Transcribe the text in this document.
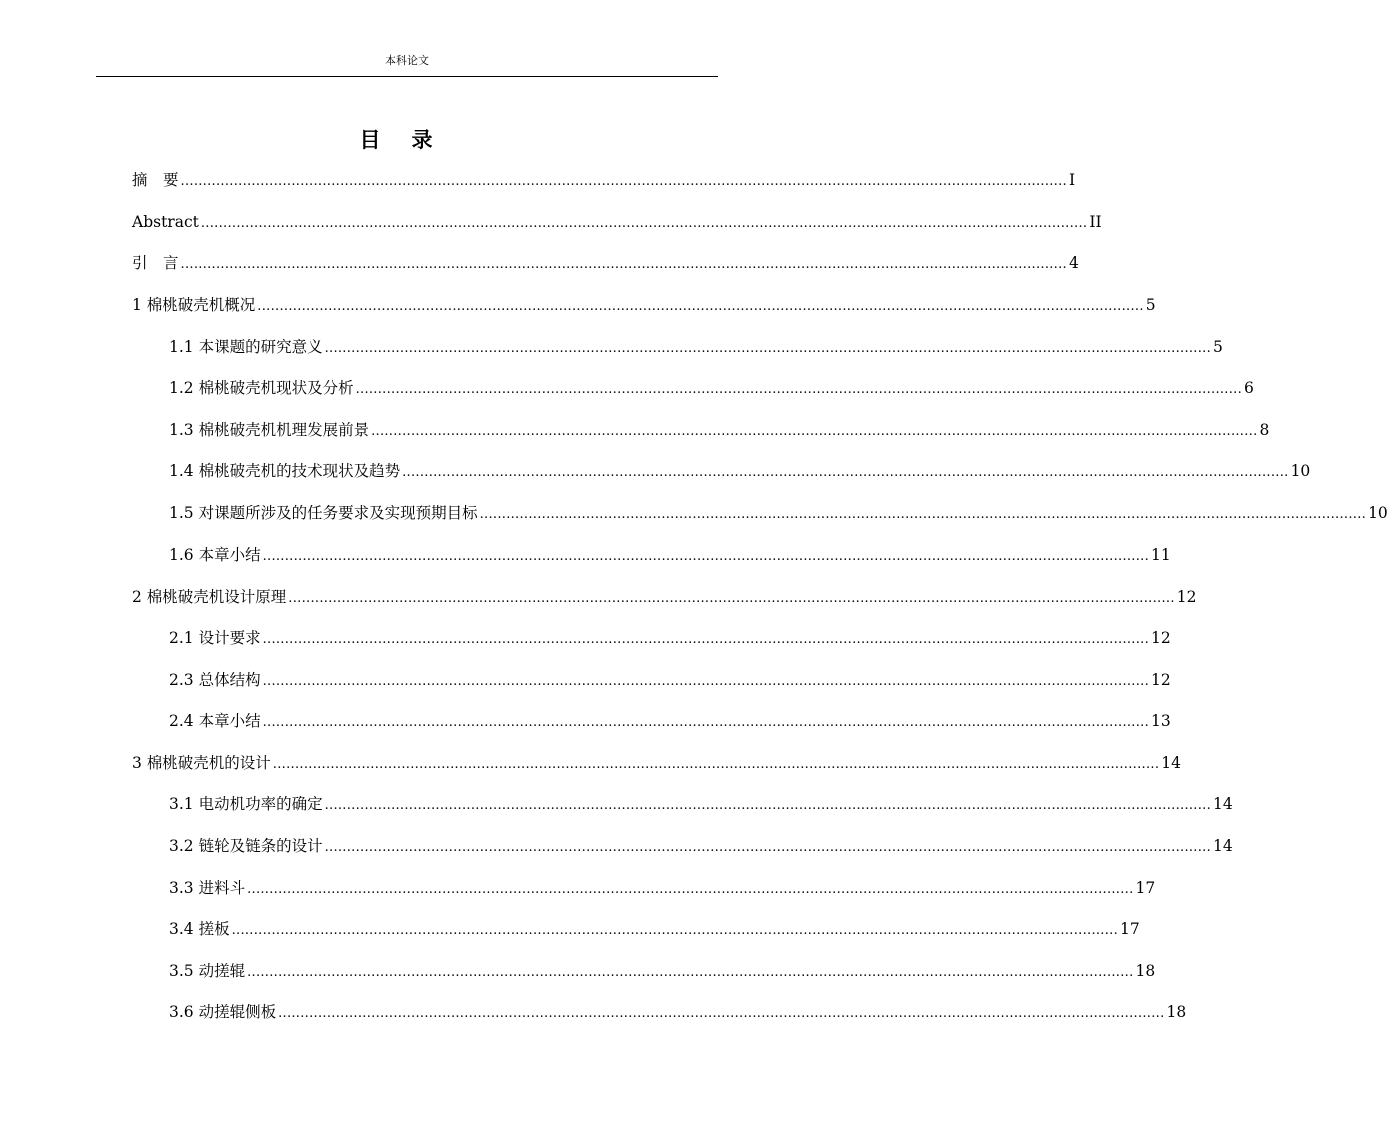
本科论文
目 录
摘　要 ........................................................................................................................................................................................................ I
Abstract ........................................................................................................................................................................................................ II
引　言 ........................................................................................................................................................................................................ 4
1 棉桃破壳机概况 ........................................................................................................................................................................................................ 5
1.1 本课题的研究意义 ........................................................................................................................................................................................................ 5
1.2 棉桃破壳机现状及分析 ........................................................................................................................................................................................................ 6
1.3 棉桃破壳机机理发展前景 ........................................................................................................................................................................................................ 8
1.4 棉桃破壳机的技术现状及趋势 ........................................................................................................................................................................................................ 10
1.5 对课题所涉及的任务要求及实现预期目标 ........................................................................................................................................................................................................ 10
1.6 本章小结 ........................................................................................................................................................................................................ 11
2 棉桃破壳机设计原理 ........................................................................................................................................................................................................ 12
2.1 设计要求 ........................................................................................................................................................................................................ 12
2.3 总体结构 ........................................................................................................................................................................................................ 12
2.4 本章小结 ........................................................................................................................................................................................................ 13
3 棉桃破壳机的设计 ........................................................................................................................................................................................................ 14
3.1 电动机功率的确定 ........................................................................................................................................................................................................ 14
3.2 链轮及链条的设计 ........................................................................................................................................................................................................ 14
3.3 进料斗 ........................................................................................................................................................................................................ 17
3.4 搓板 ........................................................................................................................................................................................................ 17
3.5 动搓辊 ........................................................................................................................................................................................................ 18
3.6 动搓辊侧板 ........................................................................................................................................................................................................ 18
